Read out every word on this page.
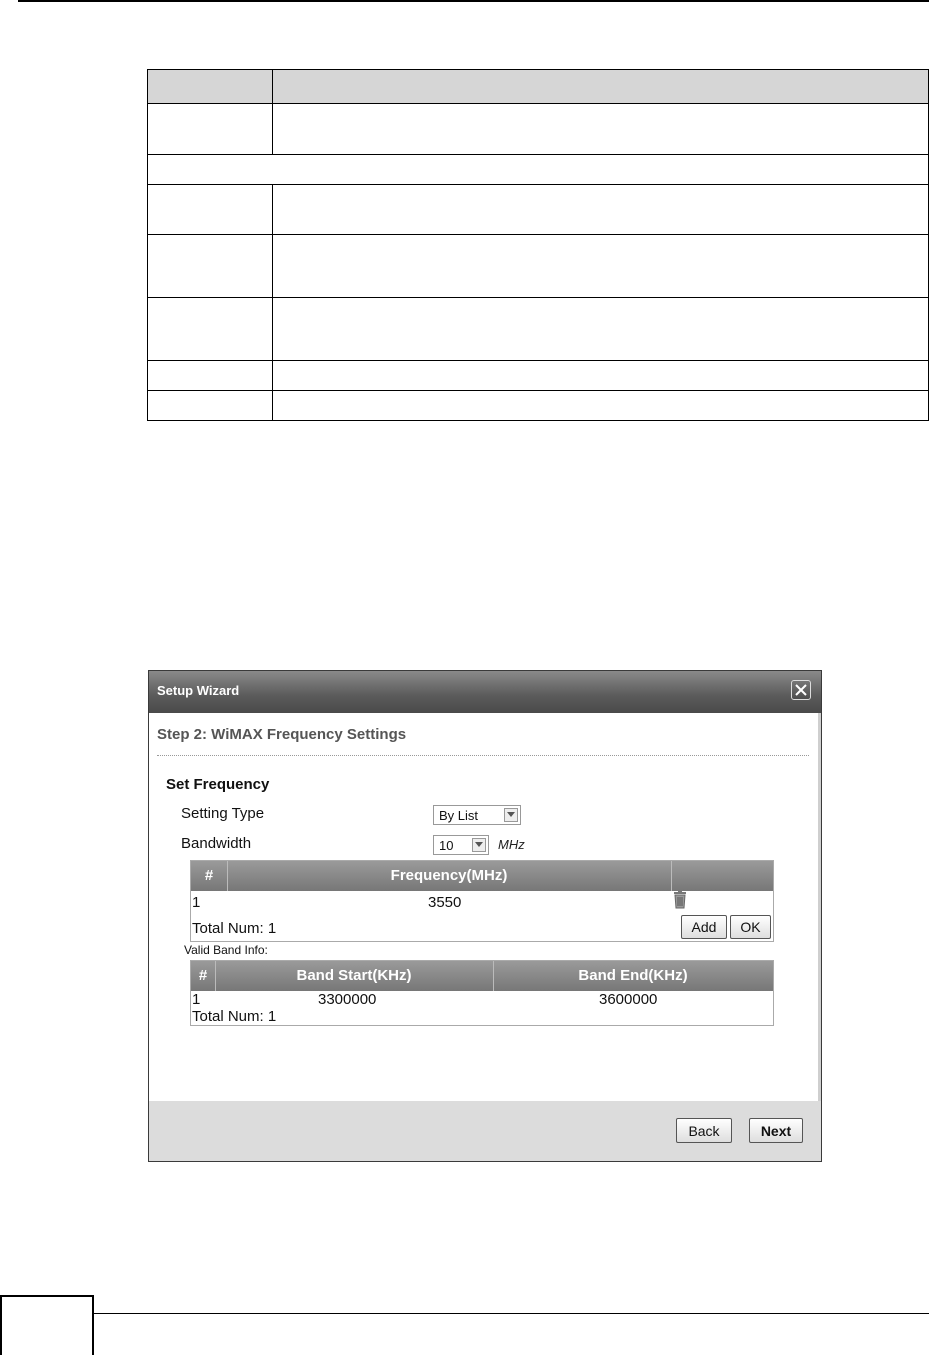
Setup Wizard
Step 2: WiMAX Frequency Settings
Set Frequency
Setting Type	By List
Bandwidth	10	MHz
#	Frequency(MHz)
1	3550
Total Num: 1	Add	OK
Valid Band Info:
#	Band Start(KHz)	Band End(KHz)
1	3300000	3600000
Total Num: 1
Back	Next
